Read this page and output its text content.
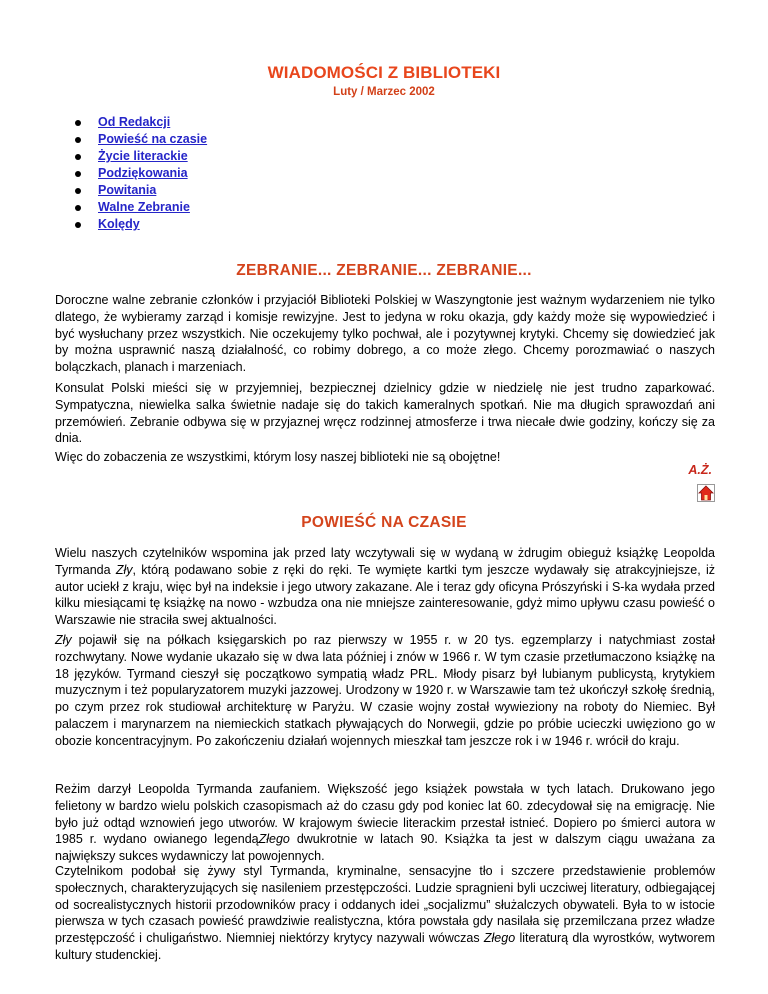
WIADOMOŚCI Z BIBLIOTEKI
Luty / Marzec 2002
Od Redakcji
Powieść na czasie
Życie literackie
Podziękowania
Powitania
Walne Zebranie
Kolędy
ZEBRANIE... ZEBRANIE... ZEBRANIE...

Doroczne walne zebranie członków i przyjaciół Biblioteki Polskiej w Waszyngtonie jest ważnym wydarzeniem nie tylko dlatego, że wybieramy zarząd i komisje rewizyjne. Jest to jedyna w roku okazja, gdy każdy może się wypowiedzieć i być wysłuchany przez wszystkich. Nie oczekujemy tylko pochwał, ale i pozytywnej krytyki. Chcemy się dowiedzieć jak by można usprawnić naszą działalność, co robimy dobrego, a co może złego. Chcemy porozmawiać o naszych bolączkach, planach i marzeniach.

Konsulat Polski mieści się w przyjemniej, bezpiecznej dzielnicy gdzie w niedzielę nie jest trudno zaparkować. Sympatyczna, niewielka salka świetnie nadaje się do takich kameralnych spotkań. Nie ma długich sprawozdań ani przemówień. Zebranie odbywa się w przyjaznej wręcz rodzinnej atmosferze i trwa niecałe dwie godziny, kończy się za dnia.

Więc do zobaczenia ze wszystkimi, którym losy naszej biblioteki nie są obojętne!

A.Ż.
POWIEŚĆ NA CZASIE

Wielu naszych czytelników wspomina jak przed laty wczytywali się w wydaną w żdrugim obieguż książkę Leopolda Tyrmanda Zły, którą podawano sobie z ręki do ręki. Te wymięte kartki tym jeszcze wydawały się atrakcyjniejsze, iż autor uciekł z kraju, więc był na indeksie i jego utwory zakazane. Ale i teraz gdy oficyna Prószyński i S-ka wydała przed kilku miesiącami tę książkę na nowo - wzbudza ona nie mniejsze zainteresowanie, gdyż mimo upływu czasu powieść o Warszawie nie straciła swej aktualności.

Zły pojawił się na półkach księgarskich po raz pierwszy w 1955 r. w 20 tys. egzemplarzy i natychmiast został rozchwytany. Nowe wydanie ukazało się w dwa lata później i znów w 1966 r. W tym czasie przetłumaczono książkę na 18 języków. Tyrmand cieszył się początkowo sympatią władz PRL. Młody pisarz był lubianym publicystą, krytykiem muzycznym i też popularyzatorem muzyki jazzowej. Urodzony w 1920 r. w Warszawie tam też ukończył szkołę średnią, po czym przez rok studiował architekturę w Paryżu. W czasie wojny został wywieziony na roboty do Niemiec. Był palaczem i marynarzem na niemieckich statkach pływających do Norwegii, gdzie po próbie ucieczki uwięziono go w obozie koncentracyjnym. Po zakończeniu działań wojennych mieszkał tam jeszcze rok i w 1946 r. wrócił do kraju.

Reżim darzył Leopolda Tyrmanda zaufaniem. Większość jego książek powstała w tych latach. Drukowano jego felietony w bardzo wielu polskich czasopismach aż do czasu gdy pod koniec lat 60. zdecydował się na emigrację. Nie było już odtąd wznowień jego utworów. W krajowym świecie literackim przestał istnieć. Dopiero po śmierci autora w 1985 r. wydano owianego legendąZłego dwukrotnie w latach 90. Książka ta jest w dalszym ciągu uważana za największy sukces wydawniczy lat powojennych.

Czytelnikom podobał się żywy styl Tyrmanda, kryminalne, sensacyjne tło i szczere przedstawienie problemów społecznych, charakteryzujących się nasileniem przestępczości. Ludzie spragnieni byli uczciwej literatury, odbiegającej od socrealistycznych historii przodowników pracy i oddanych idei „socjalizmu” służalczych obywateli. Była to w istocie pierwsza w tych czasach powieść prawdziwie realistyczna, która powstała gdy nasilała się przemilczana przez władze przestępczość i chuligaństwo. Niemniej niektórzy krytycy nazywali wówczas Złego literaturą dla wyrostków, wytworem kultury studenckiej.
